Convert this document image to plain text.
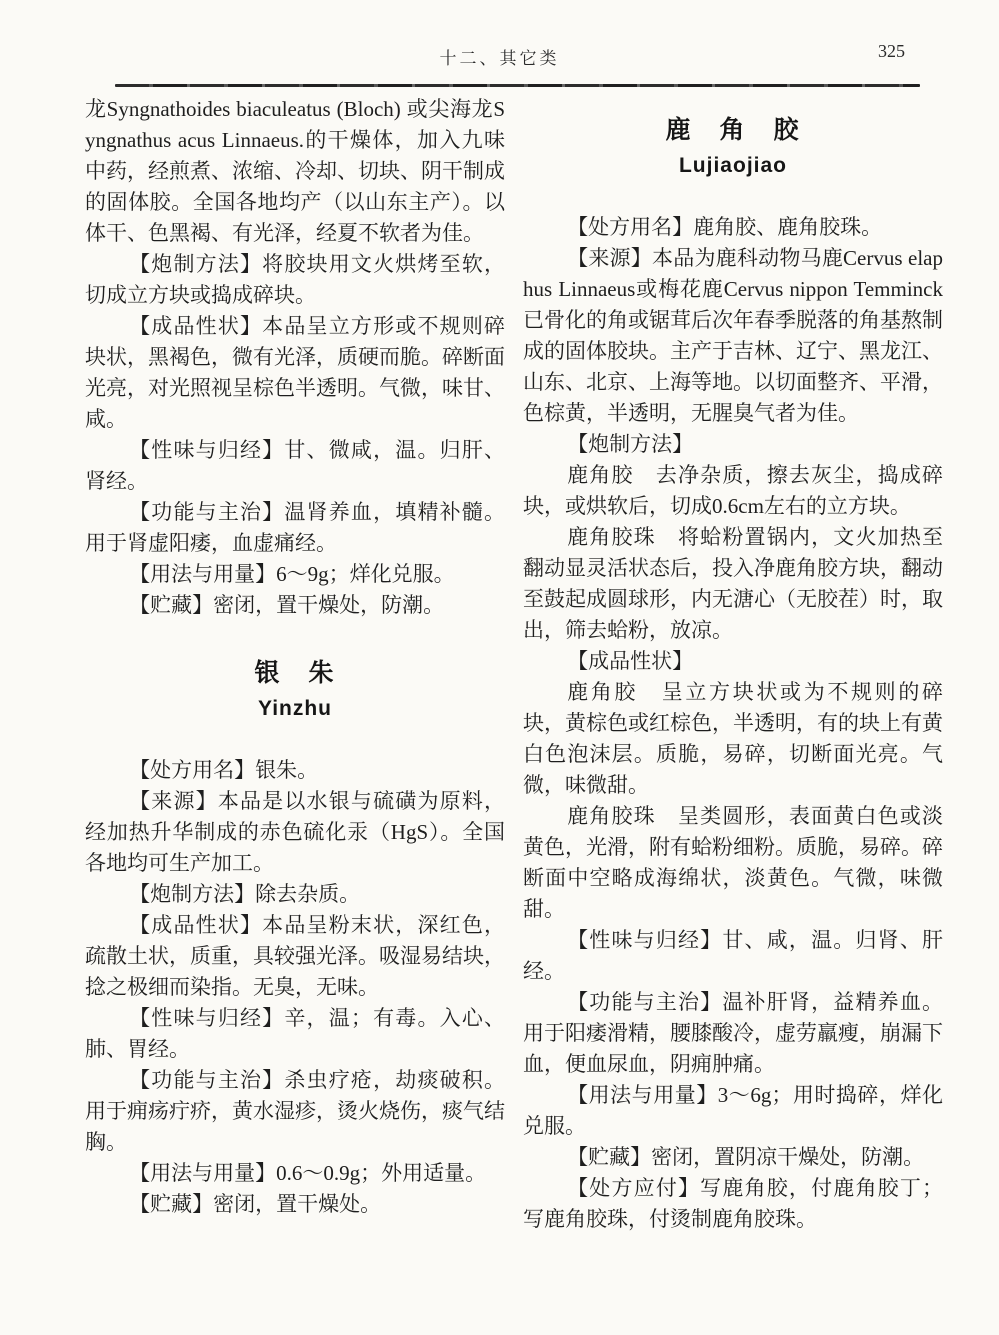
十二、其它类	325
龙Syngnathoides biaculeatus (Bloch) 或尖海龙Syngnathus acus Linnaeus.的干燥体，加入九味中药，经煎煮、浓缩、冷却、切块、阴干制成的固体胶。全国各地均产（以山东主产）。以体干、色黑褐、有光泽，经夏不软者为佳。
【炮制方法】将胶块用文火烘烤至软，切成立方块或捣成碎块。
【成品性状】本品呈立方形或不规则碎块状，黑褐色，微有光泽，质硬而脆。碎断面光亮，对光照视呈棕色半透明。气微，味甘、咸。
【性味与归经】甘、微咸，温。归肝、肾经。
【功能与主治】温肾养血，填精补髓。用于肾虚阳痿，血虚痛经。
【用法与用量】6～9g；烊化兑服。
【贮藏】密闭，置干燥处，防潮。
银　朱
Yinzhu
【处方用名】银朱。
【来源】本品是以水银与硫磺为原料，经加热升华制成的赤色硫化汞（HgS）。全国各地均可生产加工。
【炮制方法】除去杂质。
【成品性状】本品呈粉末状，深红色，疏散土状，质重，具较强光泽。吸湿易结块，捻之极细而染指。无臭，无味。
【性味与归经】辛，温；有毒。入心、肺、胃经。
【功能与主治】杀虫疗疮，劫痰破积。用于痈疡疔疥，黄水湿疹，烫火烧伤，痰气结胸。
【用法与用量】0.6～0.9g；外用适量。
【贮藏】密闭，置干燥处。
鹿　角　胶
Lujiaojiao
【处方用名】鹿角胶、鹿角胶珠。
【来源】本品为鹿科动物马鹿Cervus elaphus Linnaeus或梅花鹿Cervus nippon Temminck已骨化的角或锯茸后次年春季脱落的角基熬制成的固体胶块。主产于吉林、辽宁、黑龙江、山东、北京、上海等地。以切面整齐、平滑，色棕黄，半透明，无腥臭气者为佳。
【炮制方法】
鹿角胶　去净杂质，擦去灰尘，捣成碎块，或烘软后，切成0.6cm左右的立方块。
鹿角胶珠　将蛤粉置锅内，文火加热至翻动显灵活状态后，投入净鹿角胶方块，翻动至鼓起成圆球形，内无溏心（无胶茬）时，取出，筛去蛤粉，放凉。
【成品性状】
鹿角胶　呈立方块状或为不规则的碎块，黄棕色或红棕色，半透明，有的块上有黄白色泡沫层。质脆，易碎，切断面光亮。气微，味微甜。
鹿角胶珠　呈类圆形，表面黄白色或淡黄色，光滑，附有蛤粉细粉。质脆，易碎。碎断面中空略成海绵状，淡黄色。气微，味微甜。
【性味与归经】甘、咸，温。归肾、肝经。
【功能与主治】温补肝肾，益精养血。用于阳痿滑精，腰膝酸冷，虚劳羸瘦，崩漏下血，便血尿血，阴痈肿痛。
【用法与用量】3～6g；用时捣碎，烊化兑服。
【贮藏】密闭，置阴凉干燥处，防潮。
【处方应付】写鹿角胶，付鹿角胶丁；写鹿角胶珠，付烫制鹿角胶珠。
